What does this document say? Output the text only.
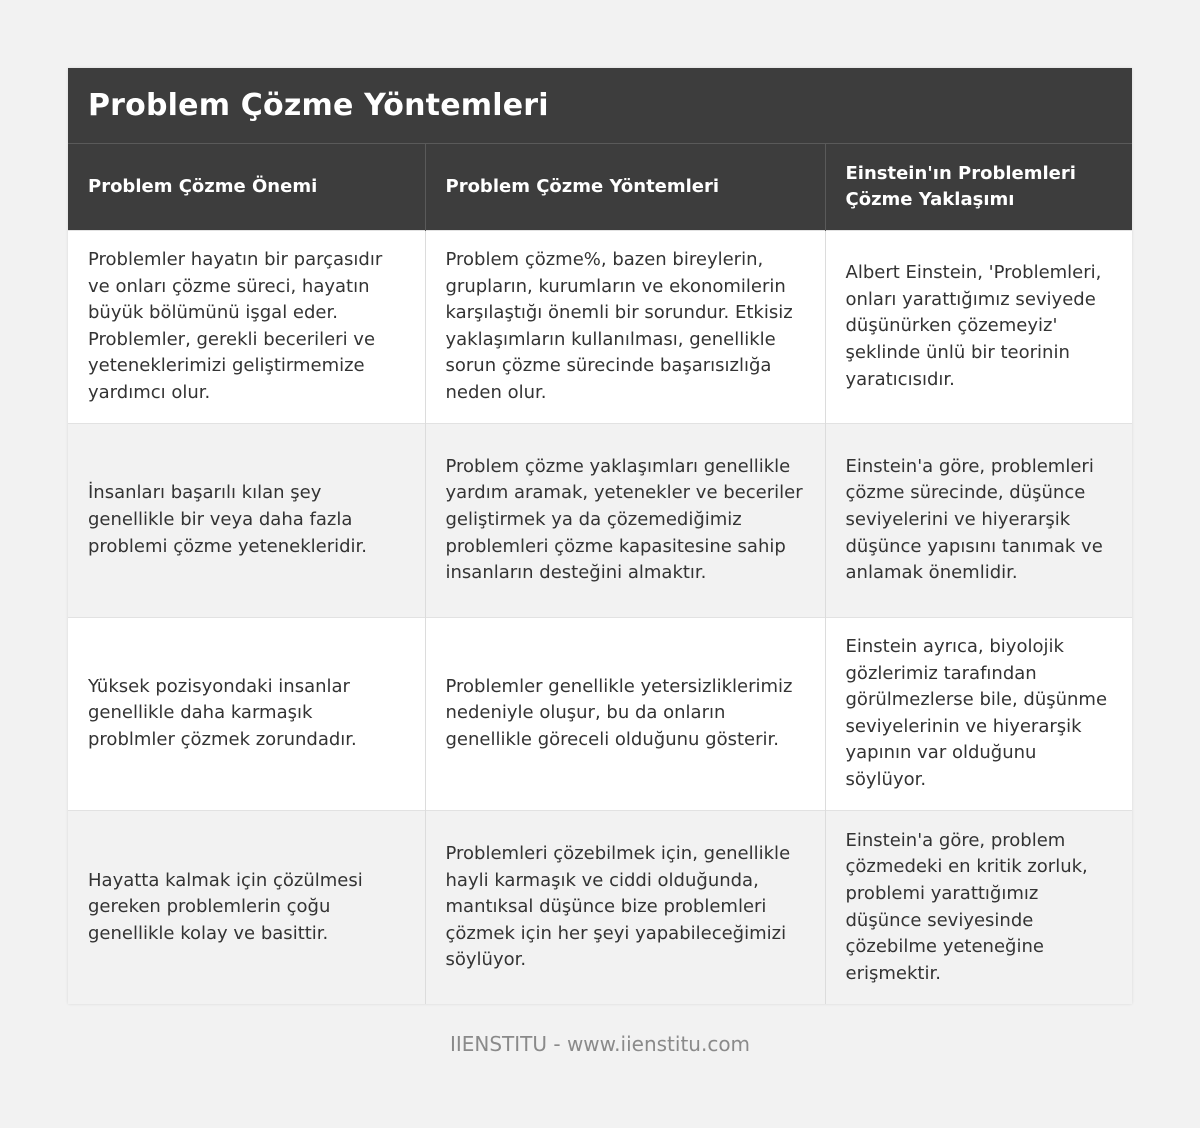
Problem Çözme Yöntemleri
Problem Çözme Önemi	Problem Çözme Yöntemleri	Einstein'ın Problemleri Çözme Yaklaşımı
Problemler hayatın bir parçasıdır ve onları çözme süreci, hayatın büyük bölümünü işgal eder. Problemler, gerekli becerileri ve yeteneklerimizi geliştirmemize yardımcı olur.	Problem çözme%, bazen bireylerin, grupların, kurumların ve ekonomilerin karşılaştığı önemli bir sorundur. Etkisiz yaklaşımların kullanılması, genellikle sorun çözme sürecinde başarısızlığa neden olur.	Albert Einstein, 'Problemleri, onları yarattığımız seviyede düşünürken çözemeyiz' şeklinde ünlü bir teorinin yaratıcısıdır.
İnsanları başarılı kılan şey genellikle bir veya daha fazla problemi çözme yetenekleridir.	Problem çözme yaklaşımları genellikle yardım aramak, yetenekler ve beceriler geliştirmek ya da çözemediğimiz problemleri çözme kapasitesine sahip insanların desteğini almaktır.	Einstein'a göre, problemleri çözme sürecinde, düşünce seviyelerini ve hiyerarşik düşünce yapısını tanımak ve anlamak önemlidir.
Yüksek pozisyondaki insanlar genellikle daha karmaşık problmler çözmek zorundadır.	Problemler genellikle yetersizliklerimiz nedeniyle oluşur, bu da onların genellikle göreceli olduğunu gösterir.	Einstein ayrıca, biyolojik gözlerimiz tarafından görülmezlerse bile, düşünme seviyelerinin ve hiyerarşik yapının var olduğunu söylüyor.
Hayatta kalmak için çözülmesi gereken problemlerin çoğu genellikle kolay ve basittir.	Problemleri çözebilmek için, genellikle hayli karmaşık ve ciddi olduğunda, mantıksal düşünce bize problemleri çözmek için her şeyi yapabileceğimizi söylüyor.	Einstein'a göre, problem çözmedeki en kritik zorluk, problemi yarattığımız düşünce seviyesinde çözebilme yeteneğine erişmektir.
IIENSTITU - www.iienstitu.com
